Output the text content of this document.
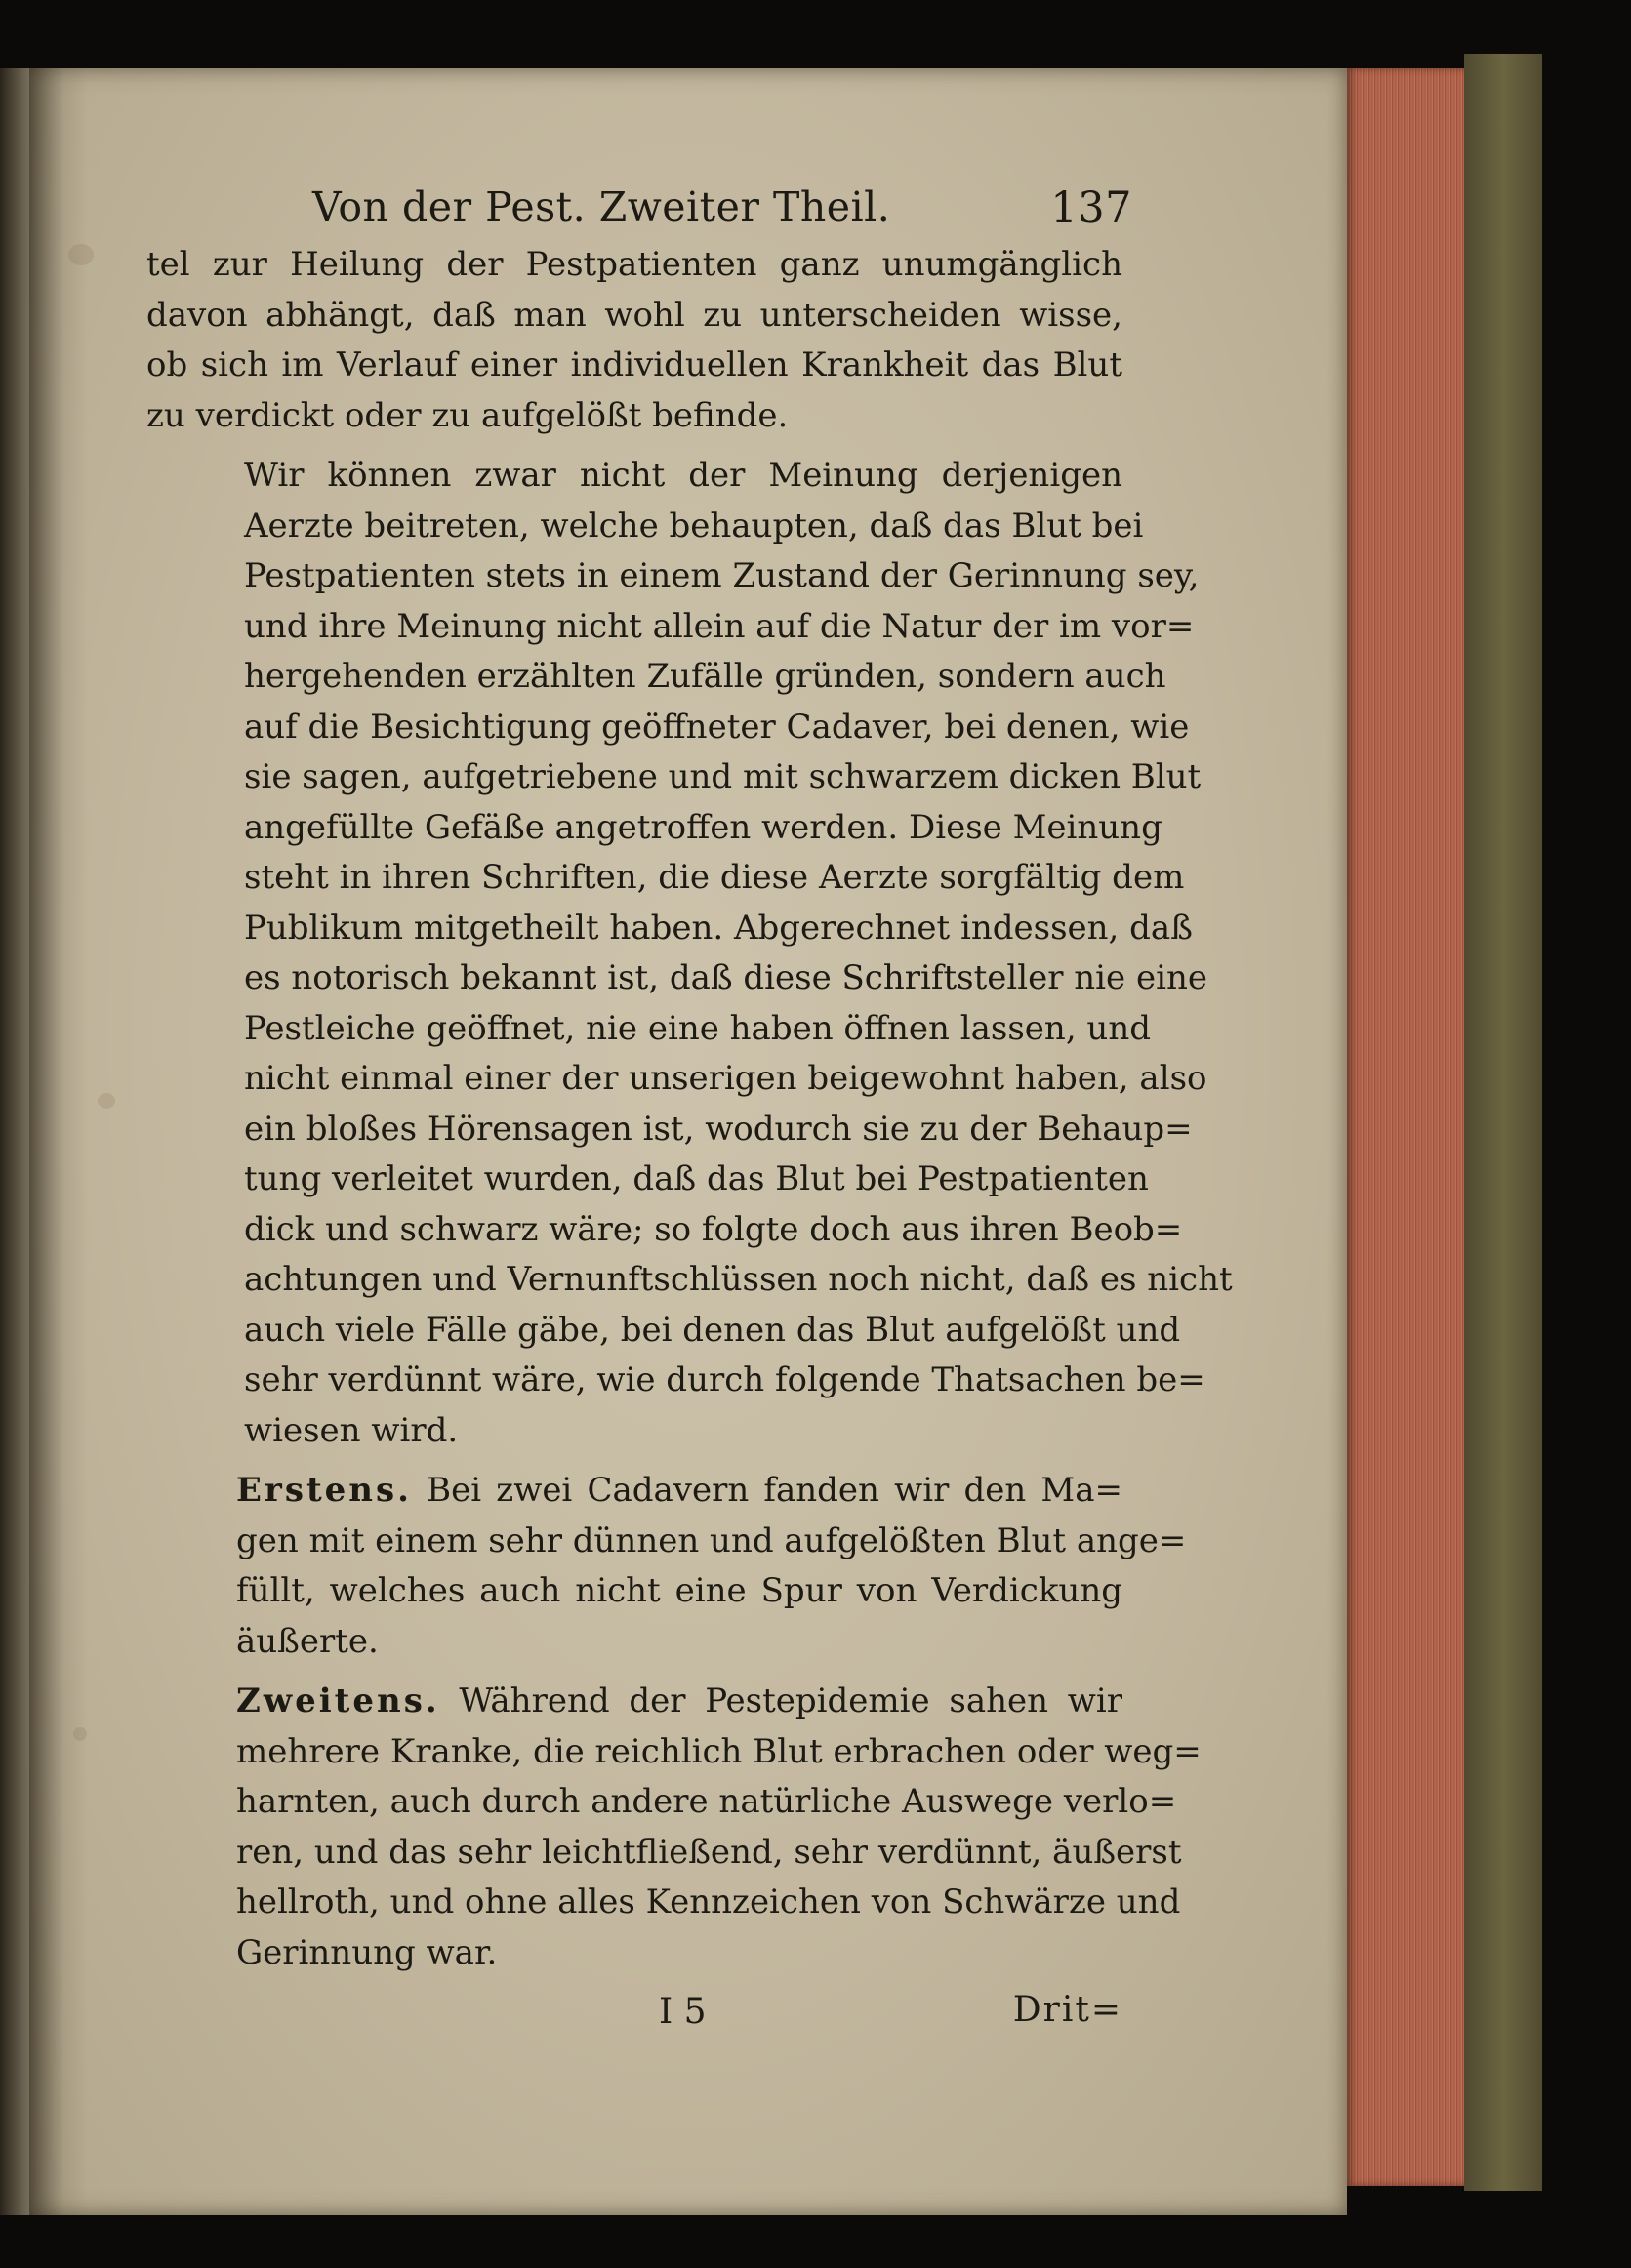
Von der Pest. Zweiter Theil.	137

tel zur Heilung der Pestpatienten ganz unumgänglich
davon abhängt, daß man wohl zu unterscheiden wisse,
ob sich im Verlauf einer individuellen Krankheit das Blut
zu verdickt oder zu aufgelößt befinde.

Wir können zwar nicht der Meinung derjenigen
Aerzte beitreten, welche behaupten, daß das Blut bei
Pestpatienten stets in einem Zustand der Gerinnung sey,
und ihre Meinung nicht allein auf die Natur der im vor=
hergehenden erzählten Zufälle gründen, sondern auch
auf die Besichtigung geöffneter Cadaver, bei denen, wie
sie sagen, aufgetriebene und mit schwarzem dicken Blut
angefüllte Gefäße angetroffen werden. Diese Meinung
steht in ihren Schriften, die diese Aerzte sorgfältig dem
Publikum mitgetheilt haben. Abgerechnet indessen, daß
es notorisch bekannt ist, daß diese Schriftsteller nie eine
Pestleiche geöffnet, nie eine haben öffnen lassen, und
nicht einmal einer der unserigen beigewohnt haben, also
ein bloßes Hörensagen ist, wodurch sie zu der Behaup=
tung verleitet wurden, daß das Blut bei Pestpatienten
dick und schwarz wäre; so folgte doch aus ihren Beob=
achtungen und Vernunftschlüssen noch nicht, daß es nicht
auch viele Fälle gäbe, bei denen das Blut aufgelößt und
sehr verdünnt wäre, wie durch folgende Thatsachen be=
wiesen wird.

Erstens. Bei zwei Cadavern fanden wir den Ma=
gen mit einem sehr dünnen und aufgelößten Blut ange=
füllt, welches auch nicht eine Spur von Verdickung
äußerte.

Zweitens. Während der Pestepidemie sahen wir
mehrere Kranke, die reichlich Blut erbrachen oder weg=
harnten, auch durch andere natürliche Auswege verlo=
ren, und das sehr leichtfließend, sehr verdünnt, äußerst
hellroth, und ohne alles Kennzeichen von Schwärze und
Gerinnung war.

I 5	Drit=
